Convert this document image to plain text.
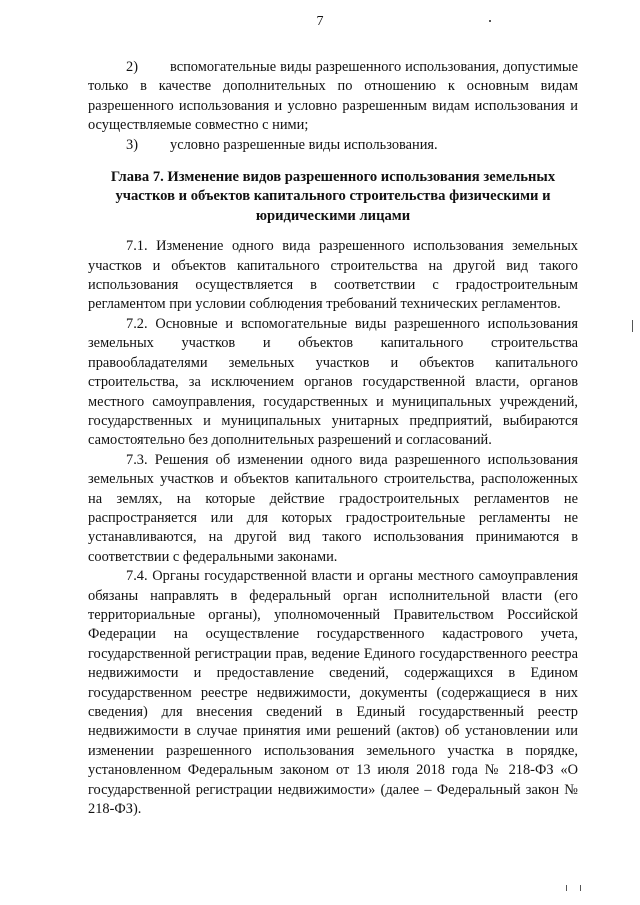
7

2) вспомогательные виды разрешенного использования, допустимые только в качестве дополнительных по отношению к основным видам разрешенного использования и условно разрешенным видам использования и осуществляемые совместно с ними;

3) условно разрешенные виды использования.

Глава 7. Изменение видов разрешенного использования земельных участков и объектов капитального строительства физическими и юридическими лицами

7.1. Изменение одного вида разрешенного использования земельных участков и объектов капитального строительства на другой вид такого использования осуществляется в соответствии с градостроительным регламентом при условии соблюдения требований технических регламентов.

7.2. Основные и вспомогательные виды разрешенного использования земельных участков и объектов капитального строительства правообладателями земельных участков и объектов капитального строительства, за исключением органов государственной власти, органов местного самоуправления, государственных и муниципальных учреждений, государственных и муниципальных унитарных предприятий, выбираются самостоятельно без дополнительных разрешений и согласований.

7.3. Решения об изменении одного вида разрешенного использования земельных участков и объектов капитального строительства, расположенных на землях, на которые действие градостроительных регламентов не распространяется или для которых градостроительные регламенты не устанавливаются, на другой вид такого использования принимаются в соответствии с федеральными законами.

7.4. Органы государственной власти и органы местного самоуправления обязаны направлять в федеральный орган исполнительной власти (его территориальные органы), уполномоченный Правительством Российской Федерации на осуществление государственного кадастрового учета, государственной регистрации прав, ведение Единого государственного реестра недвижимости и предоставление сведений, содержащихся в Едином государственном реестре недвижимости, документы (содержащиеся в них сведения) для внесения сведений в Единый государственный реестр недвижимости в случае принятия ими решений (актов) об установлении или изменении разрешенного использования земельного участка в порядке, установленном Федеральным законом от 13 июля 2018 года № 218-ФЗ «О государственной регистрации недвижимости» (далее – Федеральный закон № 218-ФЗ).
